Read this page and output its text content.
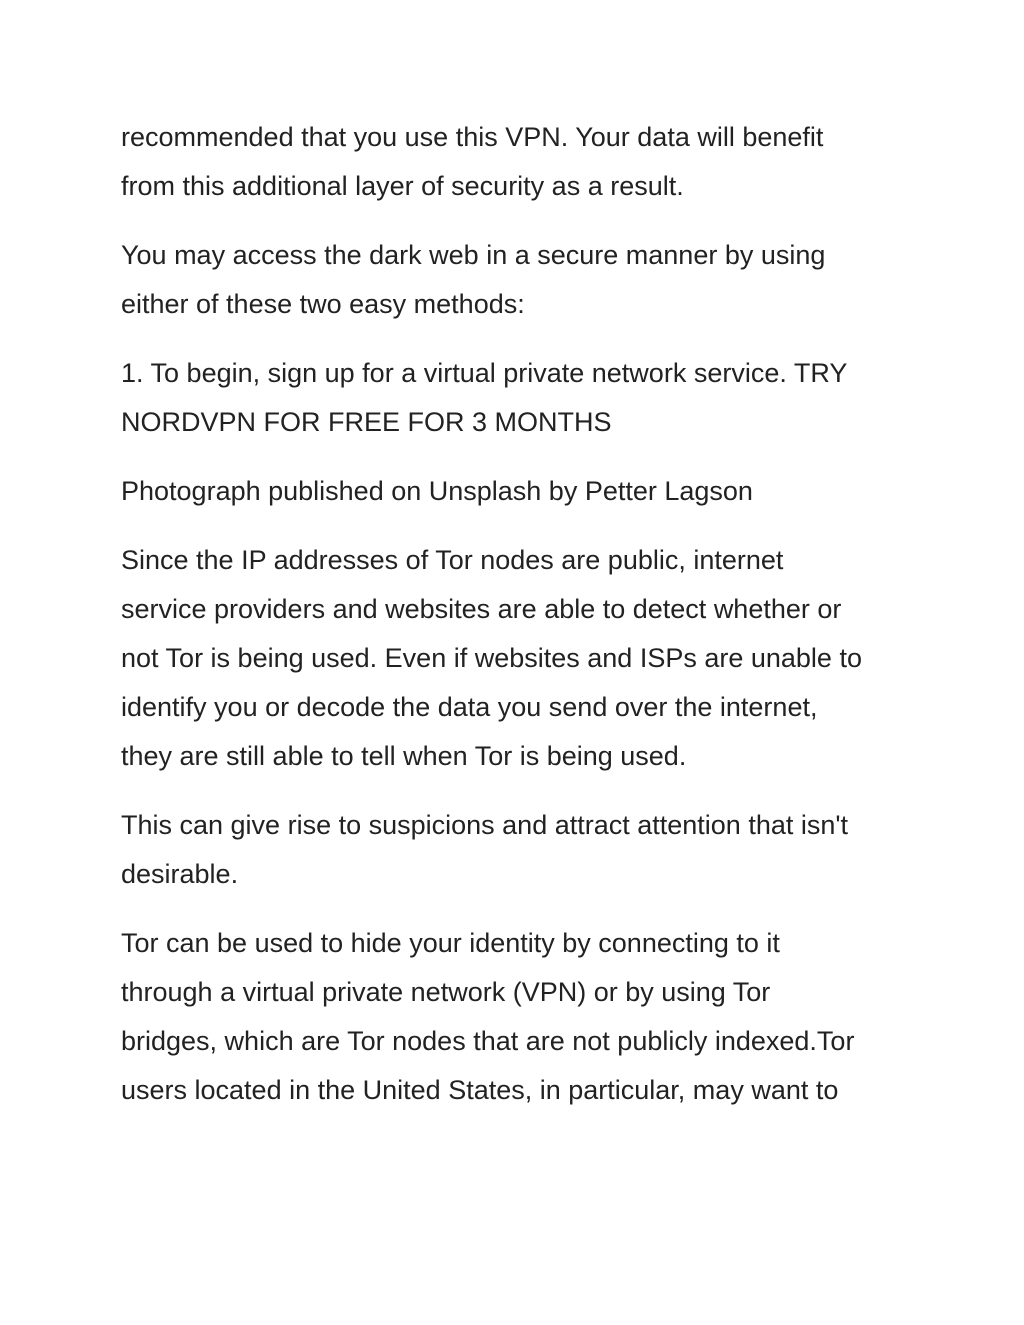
recommended that you use this VPN. Your data will benefit
from this additional layer of security as a result.

You may access the dark web in a secure manner by using
either of these two easy methods:

1. To begin, sign up for a virtual private network service. TRY
NORDVPN FOR FREE FOR 3 MONTHS

Photograph published on Unsplash by Petter Lagson

Since the IP addresses of Tor nodes are public, internet
service providers and websites are able to detect whether or
not Tor is being used. Even if websites and ISPs are unable to
identify you or decode the data you send over the internet,
they are still able to tell when Tor is being used.

This can give rise to suspicions and attract attention that isn't
desirable.

Tor can be used to hide your identity by connecting to it
through a virtual private network (VPN) or by using Tor
bridges, which are Tor nodes that are not publicly indexed.Tor
users located in the United States, in particular, may want to
